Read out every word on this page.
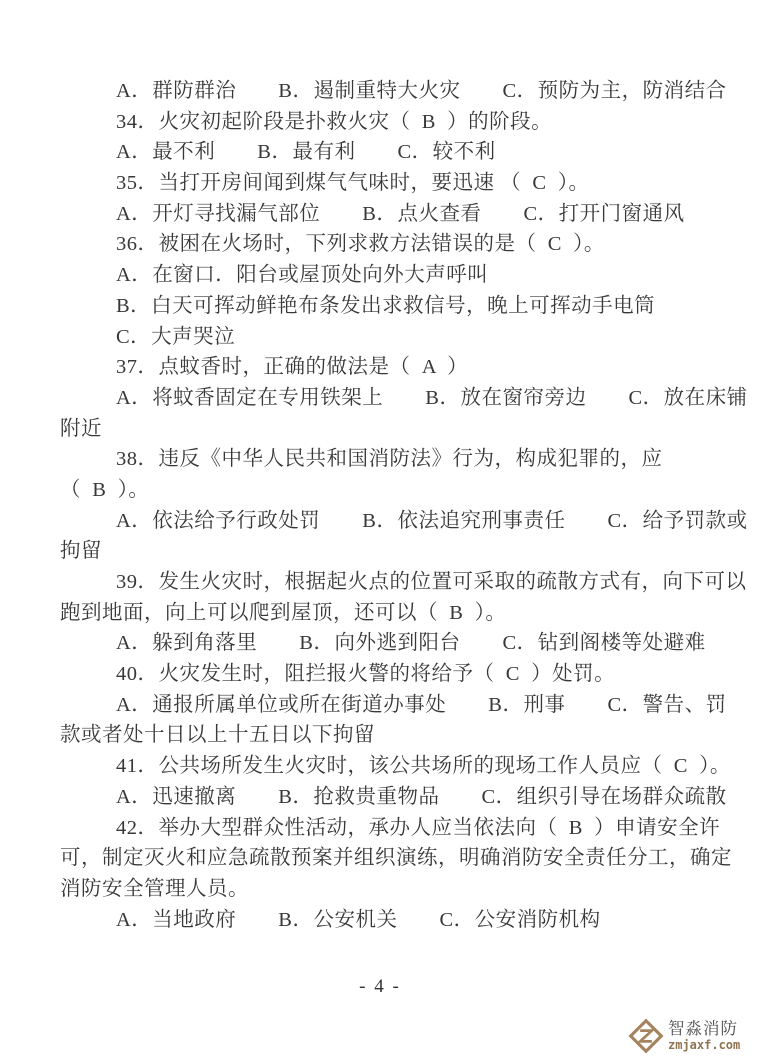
A．群防群治　　B．遏制重特大火灾　　C．预防为主，防消结合
34．火灾初起阶段是扑救火灾（  B  ）的阶段。
A．最不利　　B．最有利　　C．较不利
35．当打开房间闻到煤气气味时，要迅速 （  C  ）。
A．开灯寻找漏气部位　　B．点火查看　　C．打开门窗通风
36．被困在火场时，下列求救方法错误的是（  C  ）。
A．在窗口．阳台或屋顶处向外大声呼叫
B．白天可挥动鲜艳布条发出求救信号，晚上可挥动手电筒
C．大声哭泣
37．点蚊香时，正确的做法是（  A  ）
A．将蚊香固定在专用铁架上　　B．放在窗帘旁边　　C．放在床铺
附近
38．违反《中华人民共和国消防法》行为，构成犯罪的，应
（  B  ）。
A．依法给予行政处罚　　B．依法追究刑事责任　　C．给予罚款或
拘留
39．发生火灾时，根据起火点的位置可采取的疏散方式有，向下可以
跑到地面，向上可以爬到屋顶，还可以（  B  ）。
A．躲到角落里　　B．向外逃到阳台　　C．钻到阁楼等处避难
40．火灾发生时，阻拦报火警的将给予（  C  ）处罚。
A．通报所属单位或所在街道办事处　　B．刑事　　C．警告、罚
款或者处十日以上十五日以下拘留
41．公共场所发生火灾时，该公共场所的现场工作人员应（  C  ）。
A．迅速撤离　　B．抢救贵重物品　　C．组织引导在场群众疏散
42．举办大型群众性活动，承办人应当依法向（  B  ）申请安全许
可，制定灭火和应急疏散预案并组织演练，明确消防安全责任分工，确定
消防安全管理人员。
A．当地政府　　B．公安机关　　C．公安消防机构
- 4 -
智淼消防
zmjaxf.com
